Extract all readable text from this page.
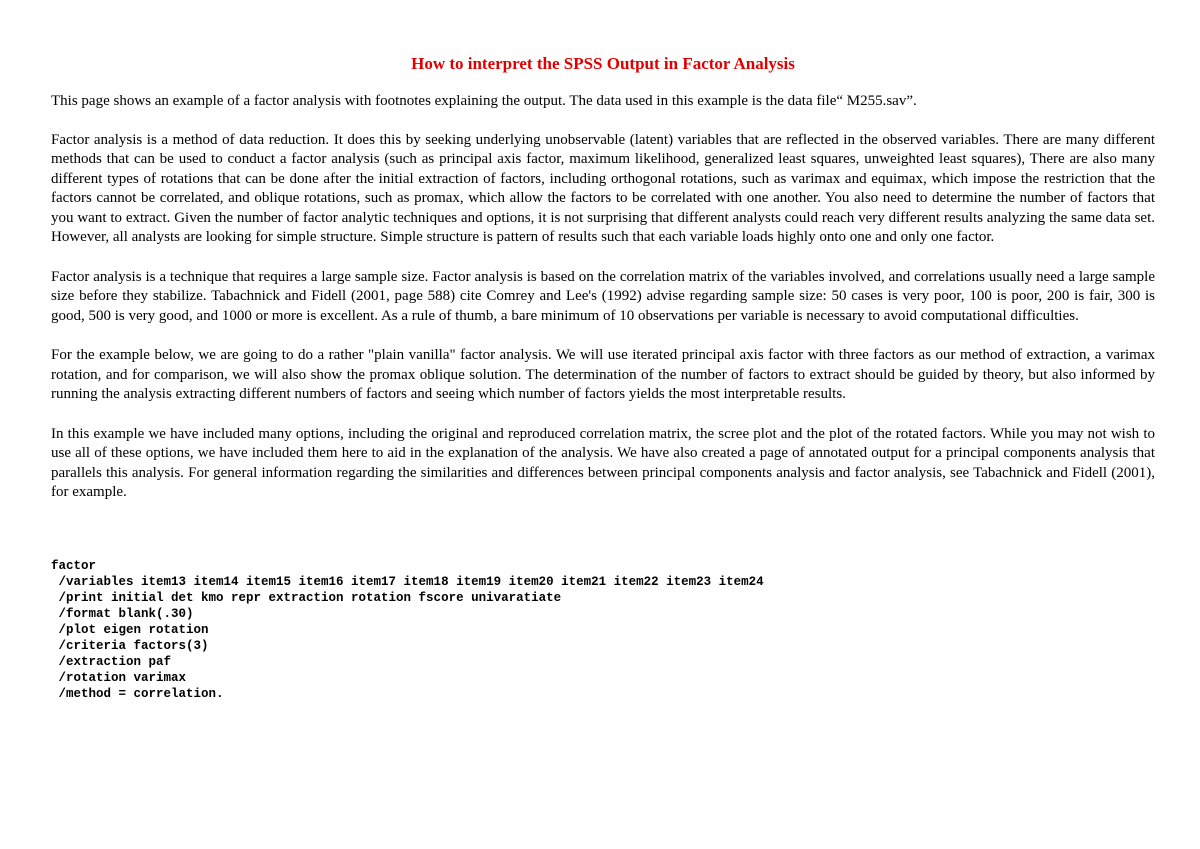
How to interpret the SPSS Output in Factor Analysis

This page shows an example of a factor analysis with footnotes explaining the output. The data used in this example is the data file“ M255.sav”.

Factor analysis is a method of data reduction. It does this by seeking underlying unobservable (latent) variables that are reflected in the observed variables. There are many different methods that can be used to conduct a factor analysis (such as principal axis factor, maximum likelihood, generalized least squares, unweighted least squares), There are also many different types of rotations that can be done after the initial extraction of factors, including orthogonal rotations, such as varimax and equimax, which impose the restriction that the factors cannot be correlated, and oblique rotations, such as promax, which allow the factors to be correlated with one another. You also need to determine the number of factors that you want to extract. Given the number of factor analytic techniques and options, it is not surprising that different analysts could reach very different results analyzing the same data set. However, all analysts are looking for simple structure. Simple structure is pattern of results such that each variable loads highly onto one and only one factor.

Factor analysis is a technique that requires a large sample size. Factor analysis is based on the correlation matrix of the variables involved, and correlations usually need a large sample size before they stabilize. Tabachnick and Fidell (2001, page 588) cite Comrey and Lee's (1992) advise regarding sample size: 50 cases is very poor, 100 is poor, 200 is fair, 300 is good, 500 is very good, and 1000 or more is excellent. As a rule of thumb, a bare minimum of 10 observations per variable is necessary to avoid computational difficulties.

For the example below, we are going to do a rather "plain vanilla" factor analysis. We will use iterated principal axis factor with three factors as our method of extraction, a varimax rotation, and for comparison, we will also show the promax oblique solution. The determination of the number of factors to extract should be guided by theory, but also informed by running the analysis extracting different numbers of factors and seeing which number of factors yields the most interpretable results.

In this example we have included many options, including the original and reproduced correlation matrix, the scree plot and the plot of the rotated factors. While you may not wish to use all of these options, we have included them here to aid in the explanation of the analysis. We have also created a page of annotated output for a principal components analysis that parallels this analysis. For general information regarding the similarities and differences between principal components analysis and factor analysis, see Tabachnick and Fidell (2001), for example.

factor
/variables item13 item14 item15 item16 item17 item18 item19 item20 item21 item22 item23 item24
/print initial det kmo repr extraction rotation fscore univaratiate
/format blank(.30)
/plot eigen rotation
/criteria factors(3)
/extraction paf
/rotation varimax
/method = correlation.
